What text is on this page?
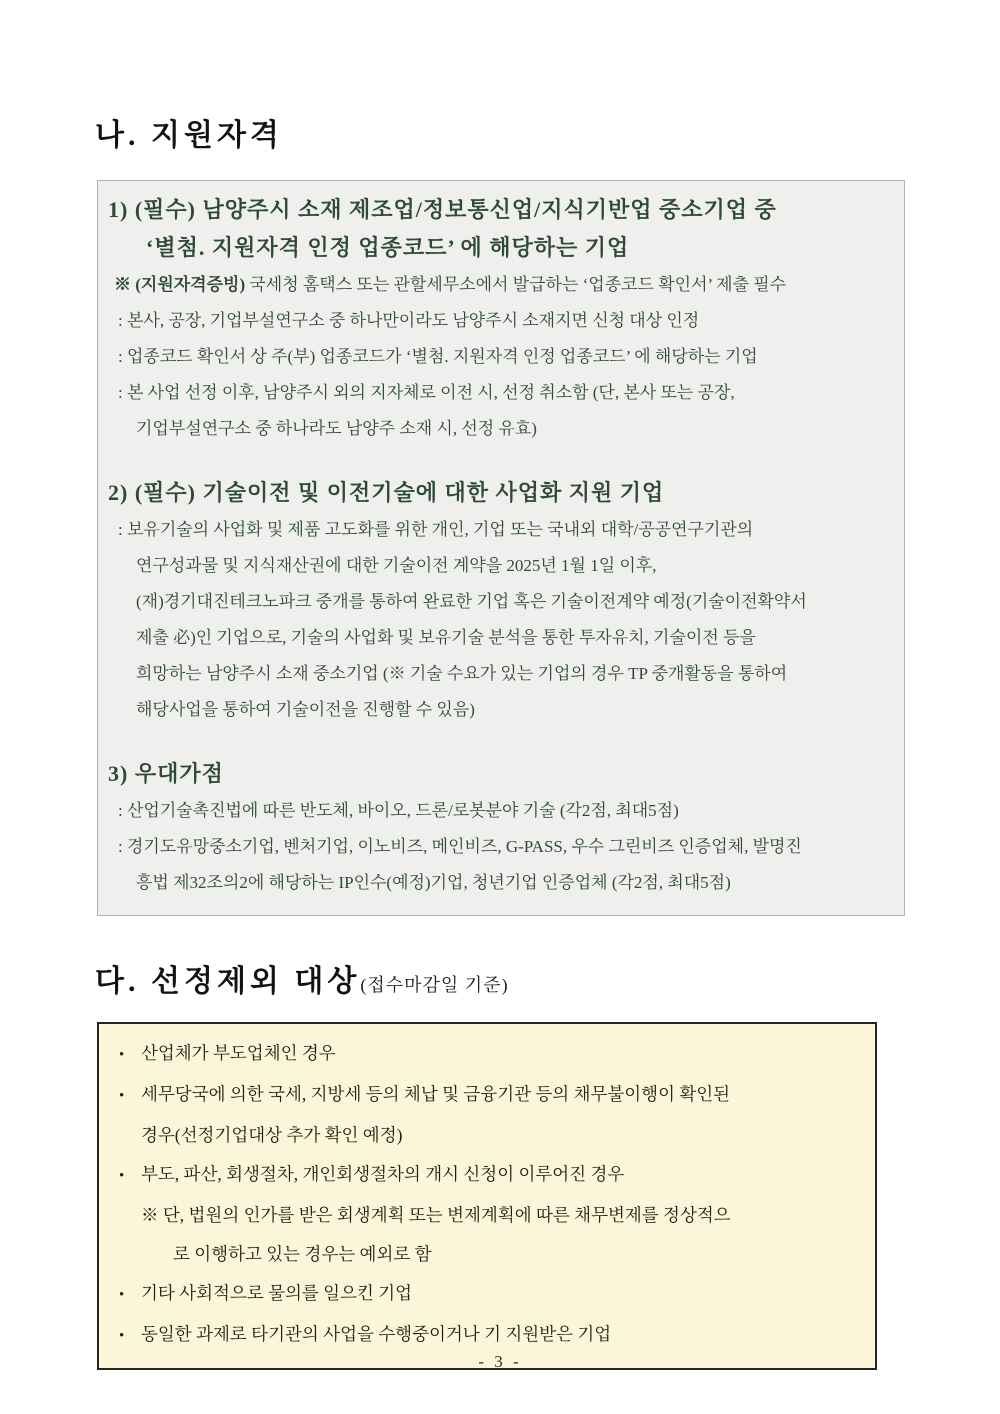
나. 지원자격

1) (필수) 남양주시 소재 제조업/정보통신업/지식기반업 중소기업 중

‘별첨. 지원자격 인정 업종코드’ 에 해당하는 기업

※ (지원자격증빙) 국세청 홈택스 또는 관할세무소에서 발급하는 ‘업종코드 확인서’ 제출 필수

: 본사, 공장, 기업부설연구소 중 하나만이라도 남양주시 소재지면 신청 대상 인정

: 업종코드 확인서 상 주(부) 업종코드가 ‘별첨. 지원자격 인정 업종코드’ 에 해당하는 기업

: 본 사업 선정 이후, 남양주시 외의 지자체로 이전 시, 선정 취소함 (단, 본사 또는 공장,

기업부설연구소 중 하나라도 남양주 소재 시, 선정 유효)

2) (필수) 기술이전 및 이전기술에 대한 사업화 지원 기업

: 보유기술의 사업화 및 제품 고도화를 위한 개인, 기업 또는 국내외 대학/공공연구기관의

연구성과물 및 지식재산권에 대한 기술이전 계약을 2025년 1월 1일 이후,

(재)경기대진테크노파크 중개를 통하여 완료한 기업 혹은 기술이전계약 예정(기술이전확약서

제출 必)인 기업으로, 기술의 사업화 및 보유기술 분석을 통한 투자유치, 기술이전 등을

희망하는 남양주시 소재 중소기업 (※ 기술 수요가 있는 기업의 경우 TP 중개활동을 통하여

해당사업을 통하여 기술이전을 진행할 수 있음)

3) 우대가점

: 산업기술촉진법에 따른 반도체, 바이오, 드론/로봇분야 기술 (각2점, 최대5점)

: 경기도유망중소기업, 벤처기업, 이노비즈, 메인비즈, G-PASS, 우수 그린비즈 인증업체, 발명진

흥법 제32조의2에 해당하는 IP인수(예정)기업, 청년기업 인증업체 (각2점, 최대5점)

다. 선정제외 대상(접수마감일 기준)

• 산업체가 부도업체인 경우

• 세무당국에 의한 국세, 지방세 등의 체납 및 금융기관 등의 채무불이행이 확인된

경우(선정기업대상 추가 확인 예정)

• 부도, 파산, 회생절차, 개인회생절차의 개시 신청이 이루어진 경우

※ 단, 법원의 인가를 받은 회생계획 또는 변제계획에 따른 채무변제를 정상적으

로 이행하고 있는 경우는 예외로 함

• 기타 사회적으로 물의를 일으킨 기업

• 동일한 과제로 타기관의 사업을 수행중이거나 기 지원받은 기업

- 3 -
